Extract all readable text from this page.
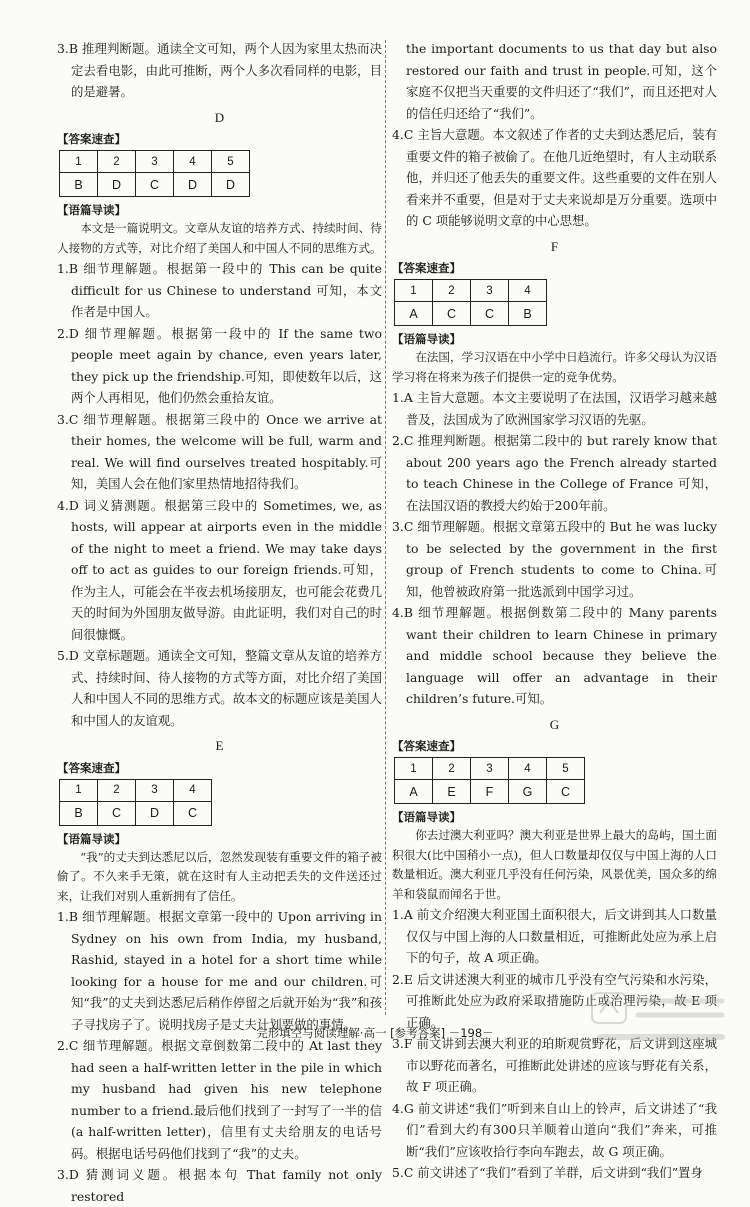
3.B 推理判断题。通读全文可知，两个人因为家里太热而决定去看电影，由此可推断，两个人多次看同样的电影，目的是避暑。
D
【答案速查】
1	2	3	4	5
B	D	C	D	D
【语篇导读】
本文是一篇说明文。文章从友谊的培养方式、持续时间、待人接物的方式等，对比介绍了美国人和中国人不同的思维方式。
1.B 细节理解题。根据第一段中的 This can be quite difficult for us Chinese to understand 可知，本文作者是中国人。
2.D 细节理解题。根据第一段中的 If the same two people meet again by chance, even years later, they pick up the friendship.可知，即使数年以后，这两个人再相见，他们仍然会重拾友谊。
3.C 细节理解题。根据第三段中的 Once we arrive at their homes, the welcome will be full, warm and real. We will find ourselves treated hospitably.可知，美国人会在他们家里热情地招待我们。
4.D 词义猜测题。根据第三段中的 Sometimes, we, as hosts, will appear at airports even in the middle of the night to meet a friend. We may take days off to act as guides to our foreign friends.可知，作为主人，可能会在半夜去机场接朋友，也可能会花费几天的时间为外国朋友做导游。由此证明，我们对自己的时间很慷慨。
5.D 文章标题题。通读全文可知，整篇文章从友谊的培养方式、持续时间、待人接物的方式等方面，对比介绍了美国人和中国人不同的思维方式。故本文的标题应该是美国人和中国人的友谊观。
E
【答案速查】
1	2	3	4
B	C	D	C
【语篇导读】
“我”的丈夫到达悉尼以后，忽然发现装有重要文件的箱子被偷了。不久来手无策，就在这时有人主动把丢失的文件送还过来，让我们对别人重新拥有了信任。
1.B 细节理解题。根据文章第一段中的 Upon arriving in Sydney on his own from India, my husband, Rashid, stayed in a hotel for a short time while looking for a house for me and our children.可知“我”的丈夫到达悉尼后稍作停留之后就开始为“我”和孩子寻找房子了。说明找房子是丈夫计划要做的事情。
2.C 细节理解题。根据文章倒数第二段中的 At last they had seen a half-written letter in the pile in which my husband had given his new telephone number to a friend.最后他们找到了一封写了一半的信(a half-written letter)，信里有丈夫给朋友的电话号码。根据电话号码他们找到了“我”的丈夫。
3.D 猜测词义题。根据本句 That family not only restored
the important documents to us that day but also restored our faith and trust in people.可知，这个家庭不仅把当天重要的文件归还了“我们”，而且还把对人的信任归还给了“我们”。
4.C 主旨大意题。本文叙述了作者的丈夫到达悉尼后，装有重要文件的箱子被偷了。在他几近绝望时，有人主动联系他，并归还了他丢失的重要文件。这些重要的文件在别人看来并不重要，但是对于丈夫来说却是万分重要。选项中的 C 项能够说明文章的中心思想。
F
【答案速查】
1	2	3	4
A	C	C	B
【语篇导读】
在法国，学习汉语在中小学中日趋流行。许多父母认为汉语学习将在将来为孩子们提供一定的竞争优势。
1.A 主旨大意题。本文主要说明了在法国，汉语学习越来越普及，法国成为了欧洲国家学习汉语的先驱。
2.C 推理判断题。根据第二段中的 but rarely know that about 200 years ago the French already started to teach Chinese in the College of France 可知，在法国汉语的教授大约始于200年前。
3.C 细节理解题。根据文章第五段中的 But he was lucky to be selected by the government in the first group of French students to come to China.可知，他曾被政府第一批选派到中国学习过。
4.B 细节理解题。根据倒数第二段中的 Many parents want their children to learn Chinese in primary and middle school because they believe the language will offer an advantage in their children’s future.可知。
G
【答案速查】
1	2	3	4	5
A	E	F	G	C
【语篇导读】
你去过澳大利亚吗？澳大利亚是世界上最大的岛屿，国土面积很大(比中国稍小一点)，但人口数量却仅仅与中国上海的人口数量相近。澳大利亚几乎没有任何污染，风景优美，国众多的绵羊和袋鼠而闻名于世。
1.A 前文介绍澳大利亚国土面积很大，后文讲到其人口数量仅仅与中国上海的人口数量相近，可推断此处应为承上启下的句子，故 A 项正确。
2.E 后文讲述澳大利亚的城市几乎没有空气污染和水污染，可推断此处应为政府采取措施防止或治理污染，故 E 项正确。
3.F 前文讲到去澳大利亚的珀斯观赏野花，后文讲到这座城市以野花而著名，可推断此处讲述的应该与野花有关系，故 F 项正确。
4.G 前文讲述“我们”听到来自山上的铃声，后文讲述了“我们”看到大约有300只羊顺着山道向“我们”奔来，可推断“我们”应该收拾行李向车跑去，故 G 项正确。
5.C 前文讲述了“我们”看到了羊群，后文讲到“我们”置身
完形填空与阅读理解·高一 [参考答案] －198－
